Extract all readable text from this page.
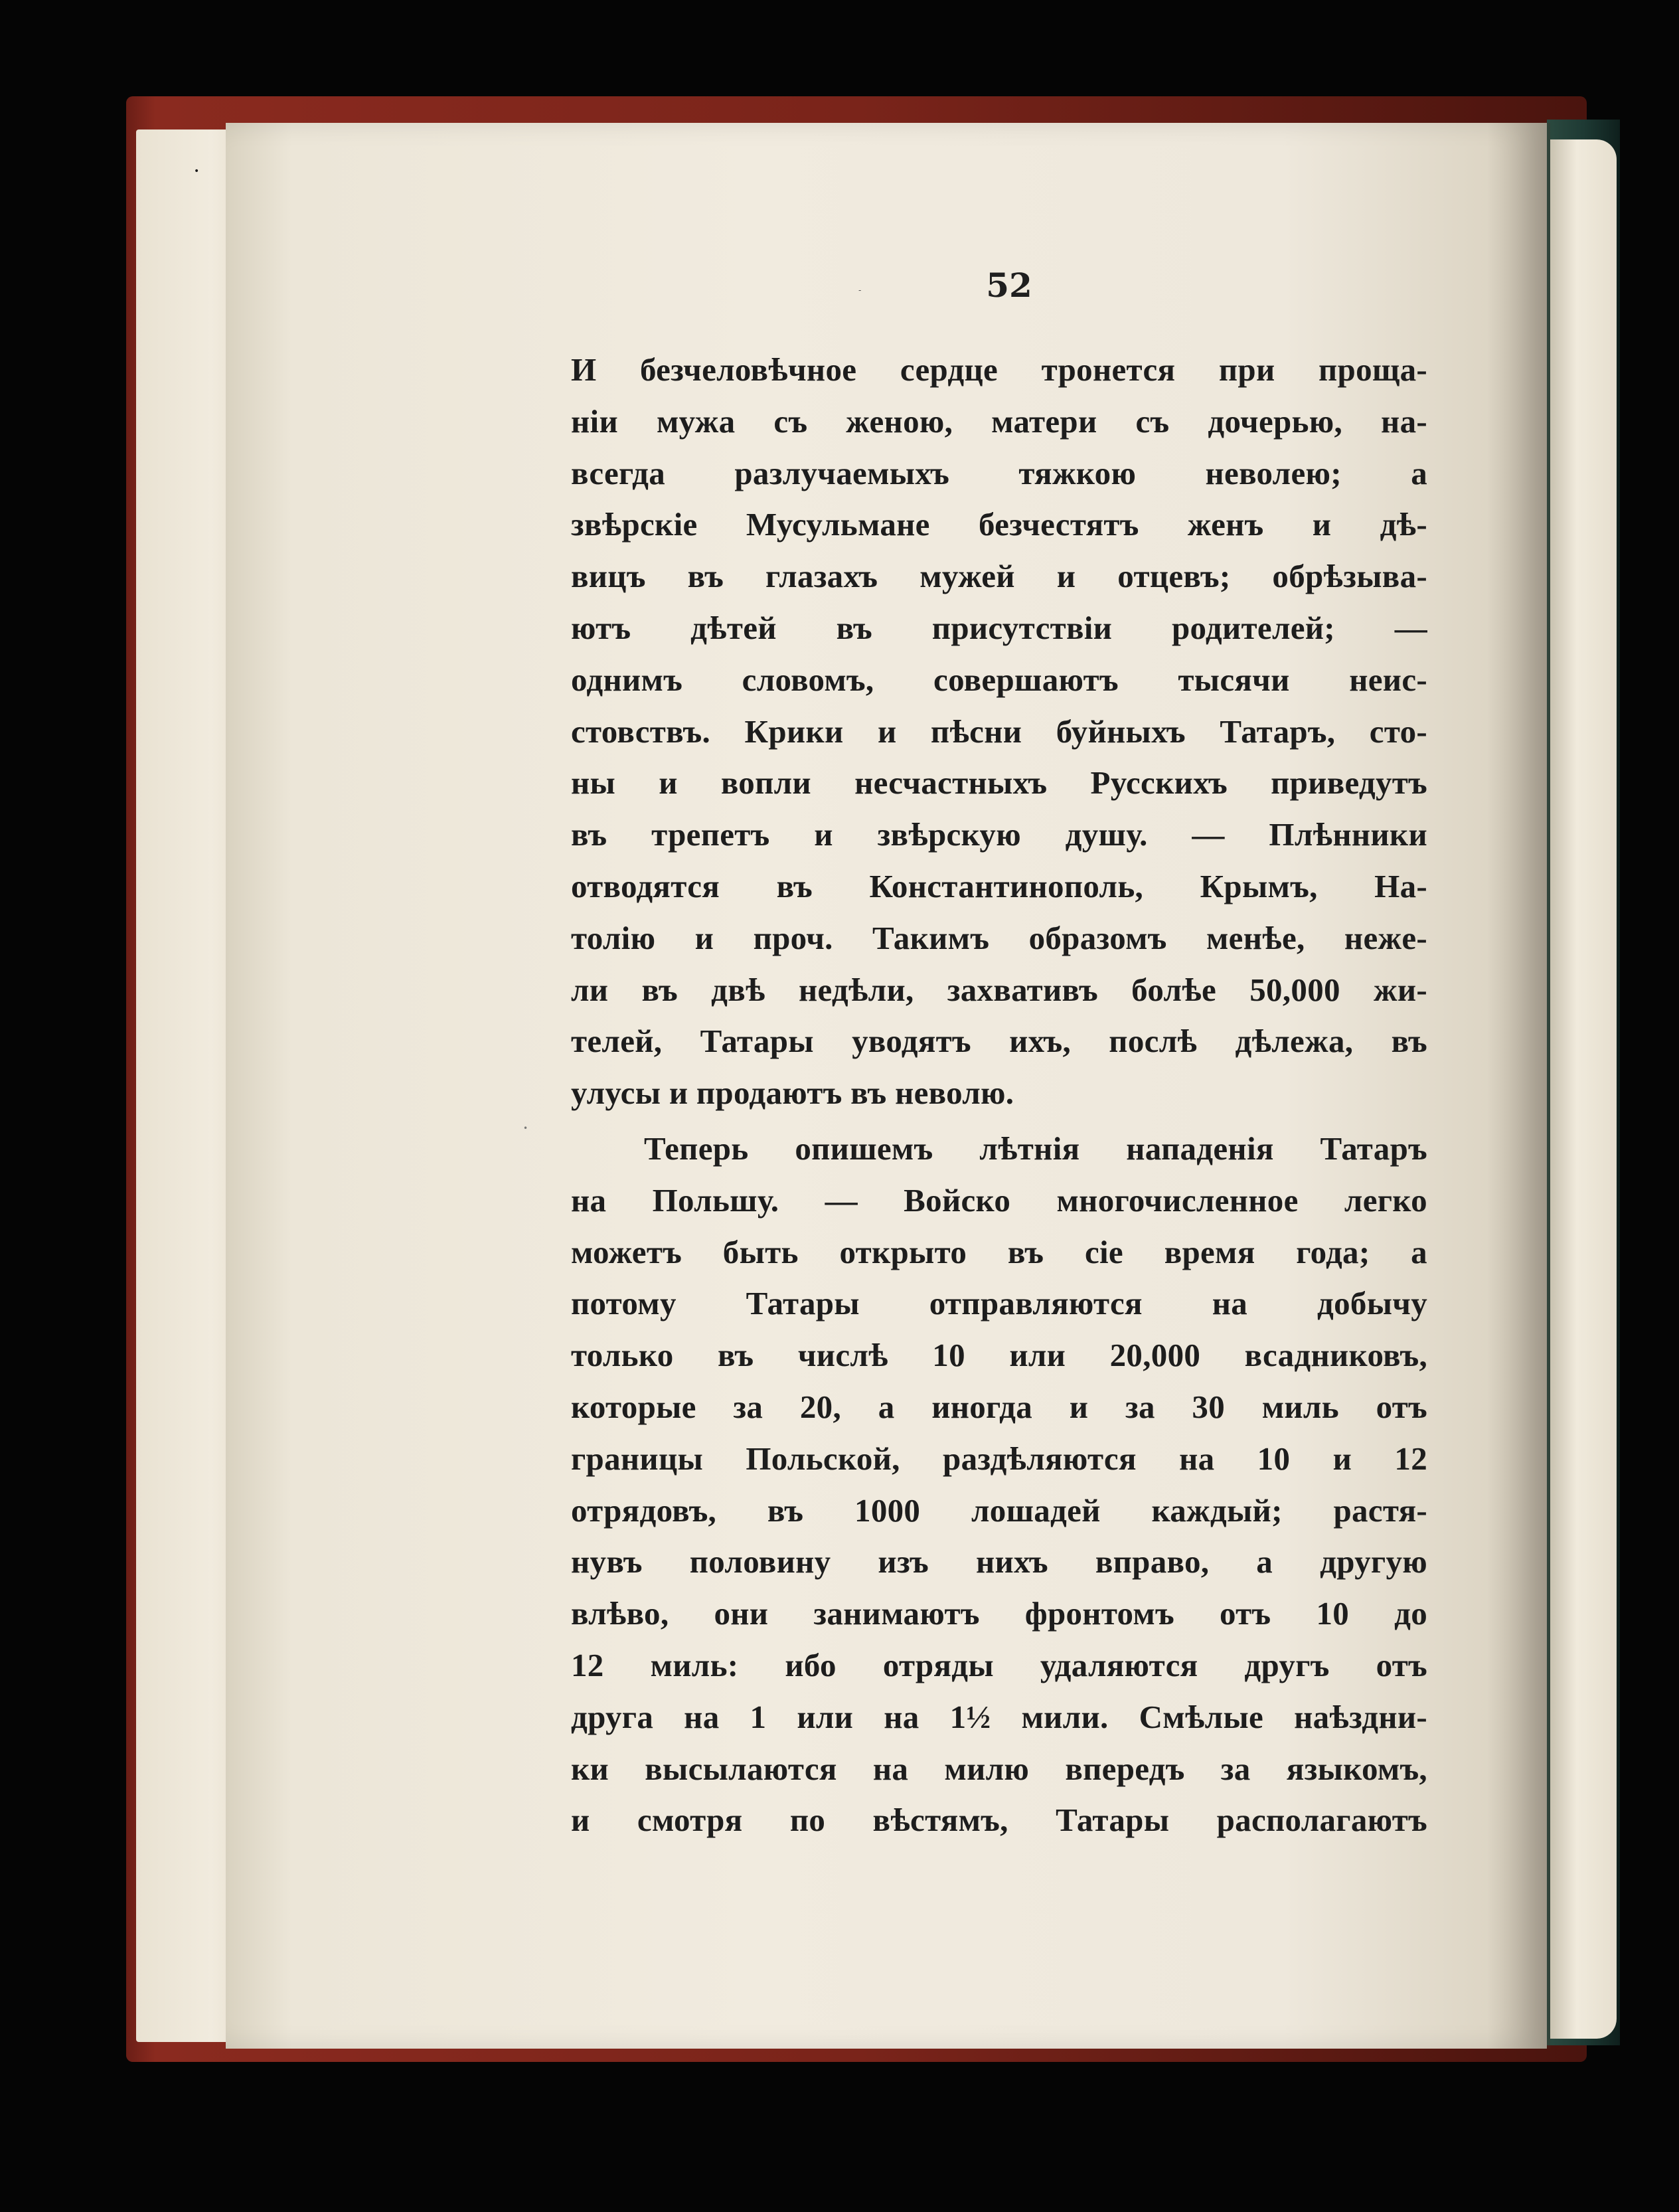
•
•
-	52
И безчеловѣчное сердце тронется при проща-
ніи мужа съ женою, матери съ дочерью, на-
всегда разлучаемыхъ тяжкою неволею; а
звѣрскіе Мусульмане безчестятъ женъ и дѣ-
вицъ въ глазахъ мужей и отцевъ; обрѣзыва-
ютъ дѣтей въ присутствіи родителей; —
однимъ словомъ, совершаютъ тысячи неис-
стовствъ. Крики и пѣсни буйныхъ Татаръ, сто-
ны и вопли несчастныхъ Русскихъ приведутъ
въ трепетъ и звѣрскую душу. — Плѣнники
отводятся въ Константинополь, Крымъ, На-
толію и проч. Такимъ образомъ менѣе, нежe-
ли въ двѣ недѣли, захвативъ болѣе 50,000 жи-
телей, Татары уводятъ ихъ, послѣ дѣлежа, въ
улусы и продаютъ въ неволю.
Теперь опишемъ лѣтнія нападенія Татаръ
на Польшу. — Войско многочисленное легко
можетъ быть открыто въ сіе время года; а
потому Татары отправляются на добычу
только въ числѣ 10 или 20,000 всадниковъ,
которые за 20, а иногда и за 30 миль отъ
границы Польской, раздѣляются на 10 и 12
отрядовъ, въ 1000 лошадей каждый; растя-
нувъ половину изъ нихъ вправо, а другую
влѣво, они занимаютъ фронтомъ отъ 10 до
12 миль: ибо отряды удаляются другъ отъ
друга на 1 или на 1½ мили. Смѣлые наѣздни-
ки высылаются на милю впередъ за языкомъ,
и смотря по вѣстямъ, Татары располагаютъ
